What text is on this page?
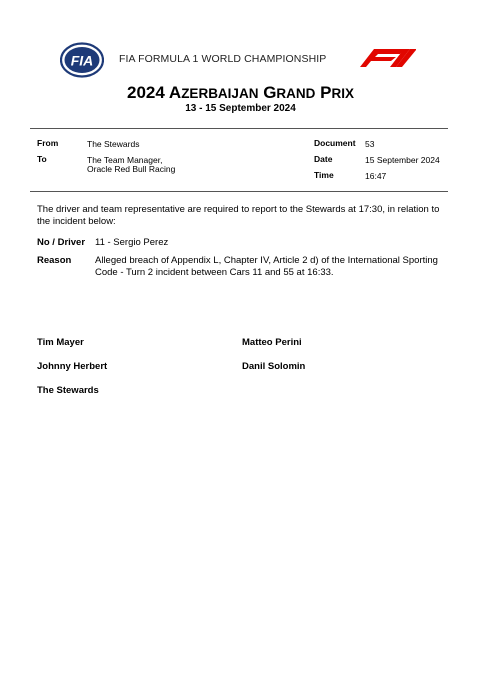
FIA FIA FORMULA 1 WORLD CHAMPIONSHIP
2024 AZERBAIJAN GRAND PRIX
13 - 15 September 2024
From	The Stewards
To	The Team Manager,
Oracle Red Bull Racing
Document 53
Date	15 September 2024
Time	16:47
The driver and team representative are required to report to the Stewards at 17:30, in relation to the incident below:
No / Driver 11 - Sergio Perez
Reason Alleged breach of Appendix L, Chapter IV, Article 2 d) of the International Sporting Code - Turn 2 incident between Cars 11 and 55 at 16:33.
Tim Mayer	Matteo Perini
Johnny Herbert	Danil Solomin
The Stewards
